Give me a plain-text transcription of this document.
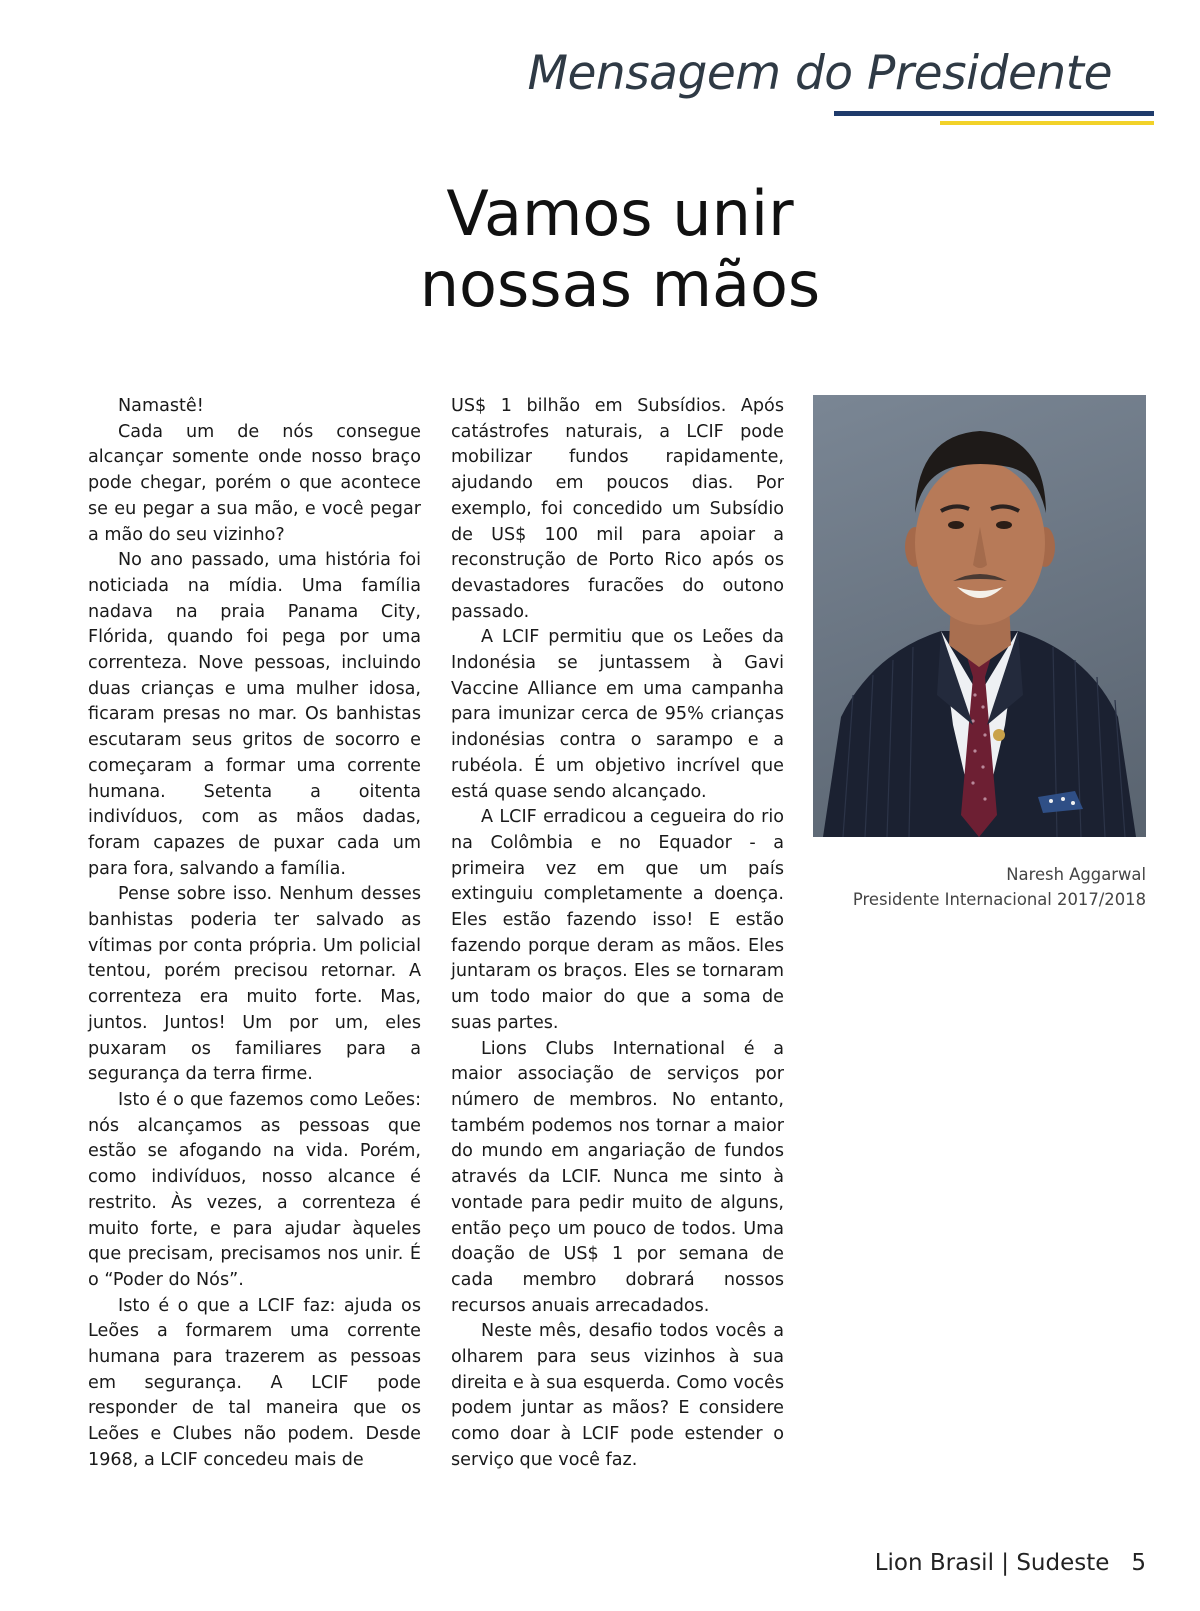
Mensagem do Presidente
Vamos unir
nossas mãos

Namastê!

Cada um de nós consegue alcançar somente onde nosso braço pode chegar, porém o que acontece se eu pegar a sua mão, e você pegar a mão do seu vizinho?

No ano passado, uma história foi noticiada na mídia. Uma família nadava na praia Panama City, Flórida, quando foi pega por uma correnteza. Nove pessoas, incluindo duas crianças e uma mulher idosa, ficaram presas no mar. Os banhistas escutaram seus gritos de socorro e começaram a formar uma corrente humana. Setenta a oitenta indivíduos, com as mãos dadas, foram capazes de puxar cada um para fora, salvando a família.

Pense sobre isso. Nenhum desses banhistas poderia ter salvado as vítimas por conta própria. Um policial tentou, porém precisou retornar. A correnteza era muito forte. Mas, juntos. Juntos! Um por um, eles puxaram os familiares para a segurança da terra firme.

Isto é o que fazemos como Leões: nós alcançamos as pessoas que estão se afogando na vida. Porém, como indivíduos, nosso alcance é restrito. Às vezes, a correnteza é muito forte, e para ajudar àqueles que precisam, precisamos nos unir. É o “Poder do Nós”.

Isto é o que a LCIF faz: ajuda os Leões a formarem uma corrente humana para trazerem as pessoas em segurança. A LCIF pode responder de tal maneira que os Leões e Clubes não podem. Desde 1968, a LCIF concedeu mais de

US$ 1 bilhão em Subsídios. Após catástrofes naturais, a LCIF pode mobilizar fundos rapidamente, ajudando em poucos dias. Por exemplo, foi concedido um Subsídio de US$ 100 mil para apoiar a reconstrução de Porto Rico após os devastadores furacões do outono passado.

A LCIF permitiu que os Leões da Indonésia se juntassem à Gavi Vaccine Alliance em uma campanha para imunizar cerca de 95% crianças indonésias contra o sarampo e a rubéola. É um objetivo incrível que está quase sendo alcançado.

A LCIF erradicou a cegueira do rio na Colômbia e no Equador - a primeira vez em que um país extinguiu completamente a doença. Eles estão fazendo isso! E estão fazendo porque deram as mãos. Eles juntaram os braços. Eles se tornaram um todo maior do que a soma de suas partes.

Lions Clubs International é a maior associação de serviços por número de membros. No entanto, também podemos nos tornar a maior do mundo em angariação de fundos através da LCIF. Nunca me sinto à vontade para pedir muito de alguns, então peço um pouco de todos. Uma doação de US$ 1 por semana de cada membro dobrará nossos recursos anuais arrecadados.

Neste mês, desafio todos vocês a olharem para seus vizinhos à sua direita e à sua esquerda. Como vocês podem juntar as mãos? E considere como doar à LCIF pode estender o serviço que você faz.

Naresh Aggarwal
Presidente Internacional 2017/2018
Lion Brasil | Sudeste 5
